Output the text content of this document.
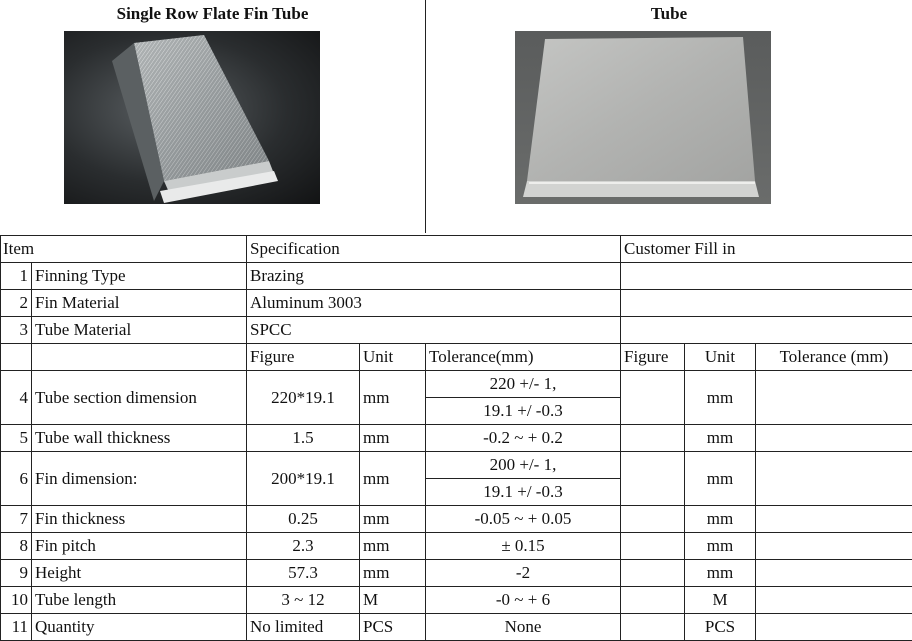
Single Row Flate Fin Tube	Tube
Item		Specification			Customer Fill in		
1	Finning Type	Brazing					
2	Fin Material	Aluminum 3003					
3	Tube Material	SPCC					
		Figure	Unit	Tolerance(mm)	Figure	Unit	Tolerance (mm)
4	Tube section dimension	220*19.1	mm	220 +/- 1,		mm	
				19.1 +/ -0.3			
5	Tube wall thickness	1.5	mm	-0.2 ~ + 0.2		mm	
6	Fin dimension:	200*19.1	mm	200 +/- 1,		mm	
				19.1 +/ -0.3			
7	Fin thickness	0.25	mm	-0.05 ~ + 0.05		mm	
8	Fin pitch	2.3	mm	± 0.15		mm	
9	Height	57.3	mm	-2		mm	
10	Tube length	3 ~ 12	M	-0 ~ + 6		M	
11	Quantity	No limited	PCS	None		PCS	
